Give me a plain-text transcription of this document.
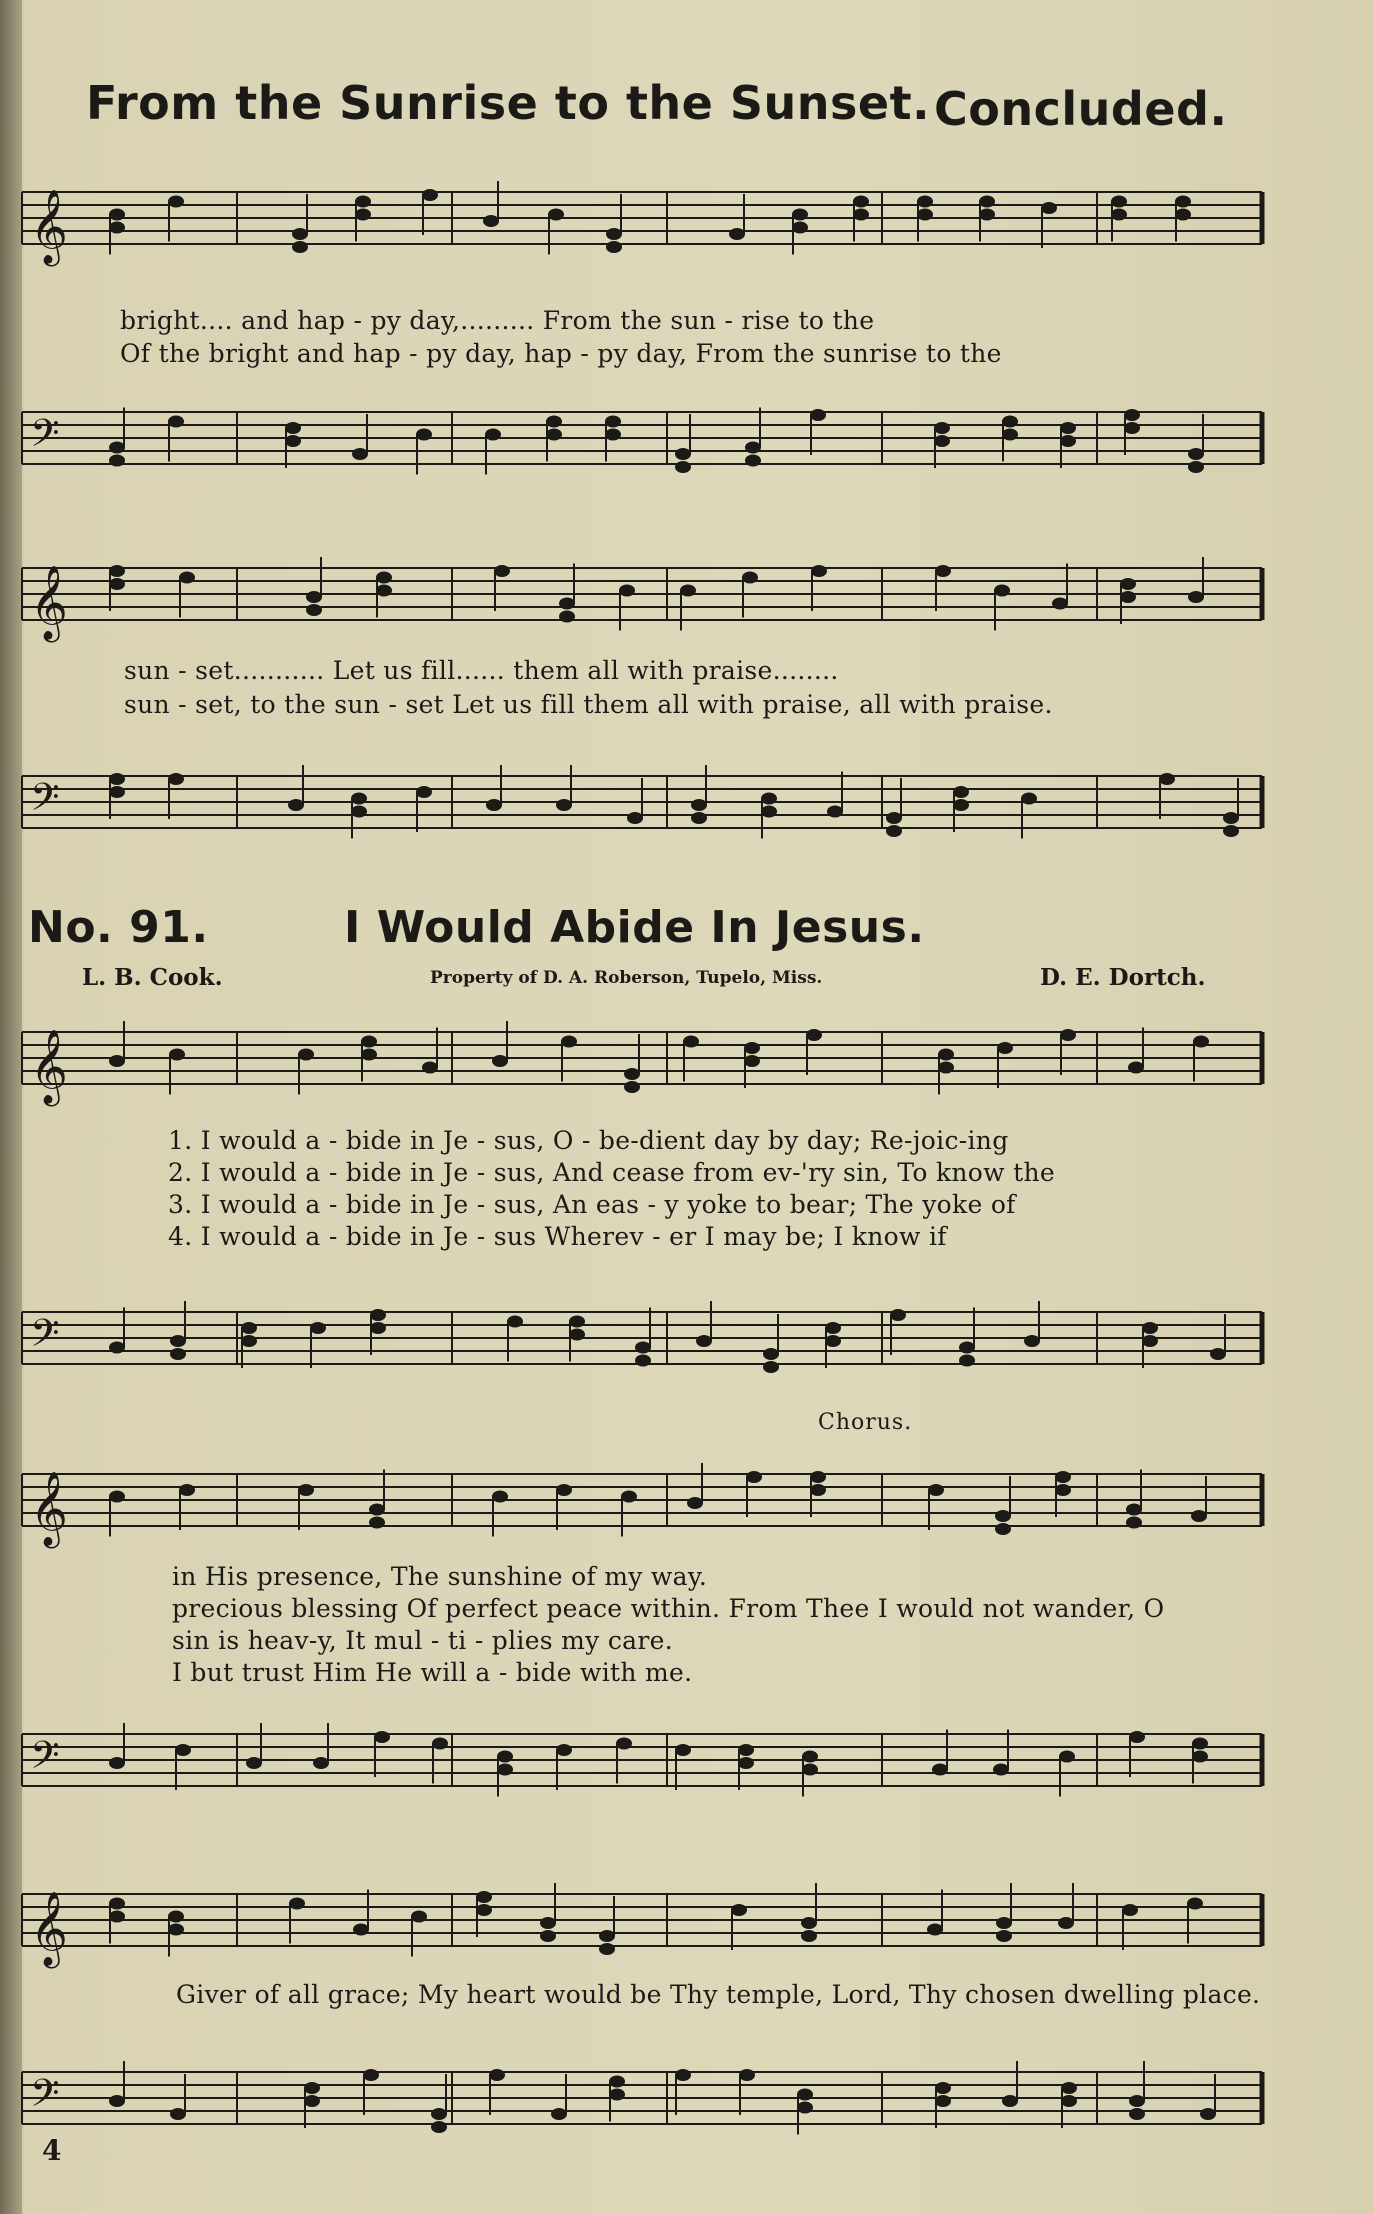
From the Sunrise to the Sunset. Concluded.
𝄞
bright.... and hap - py day,......... From the sun - rise to the
Of the bright and hap - py day, hap - py day, From the sunrise to the
𝄢
𝄞
sun - set........... Let us fill...... them all with praise........
sun - set, to the sun - set Let us fill them all with praise, all with praise.
𝄢
No. 91.	I Would Abide In Jesus.
L. B. Cook.	Property of D. A. Roberson, Tupelo, Miss.	D. E. Dortch.
𝄞
1. I would a - bide in Je - sus, O - be-dient day by day; Re-joic-ing
2. I would a - bide in Je - sus, And cease from ev-'ry sin, To know the
3. I would a - bide in Je - sus, An eas - y yoke to bear; The yoke of
4. I would a - bide in Je - sus Wherev - er I may be; I know if
𝄢
Chorus.
𝄞
in His presence, The sunshine of my way.
precious blessing Of perfect peace within. From Thee I would not wander, O
sin is heav-y, It mul - ti - plies my care.
I but trust Him He will a - bide with me.
𝄢
𝄞
Giver of all grace; My heart would be Thy temple, Lord, Thy chosen dwelling place.
𝄢
4
